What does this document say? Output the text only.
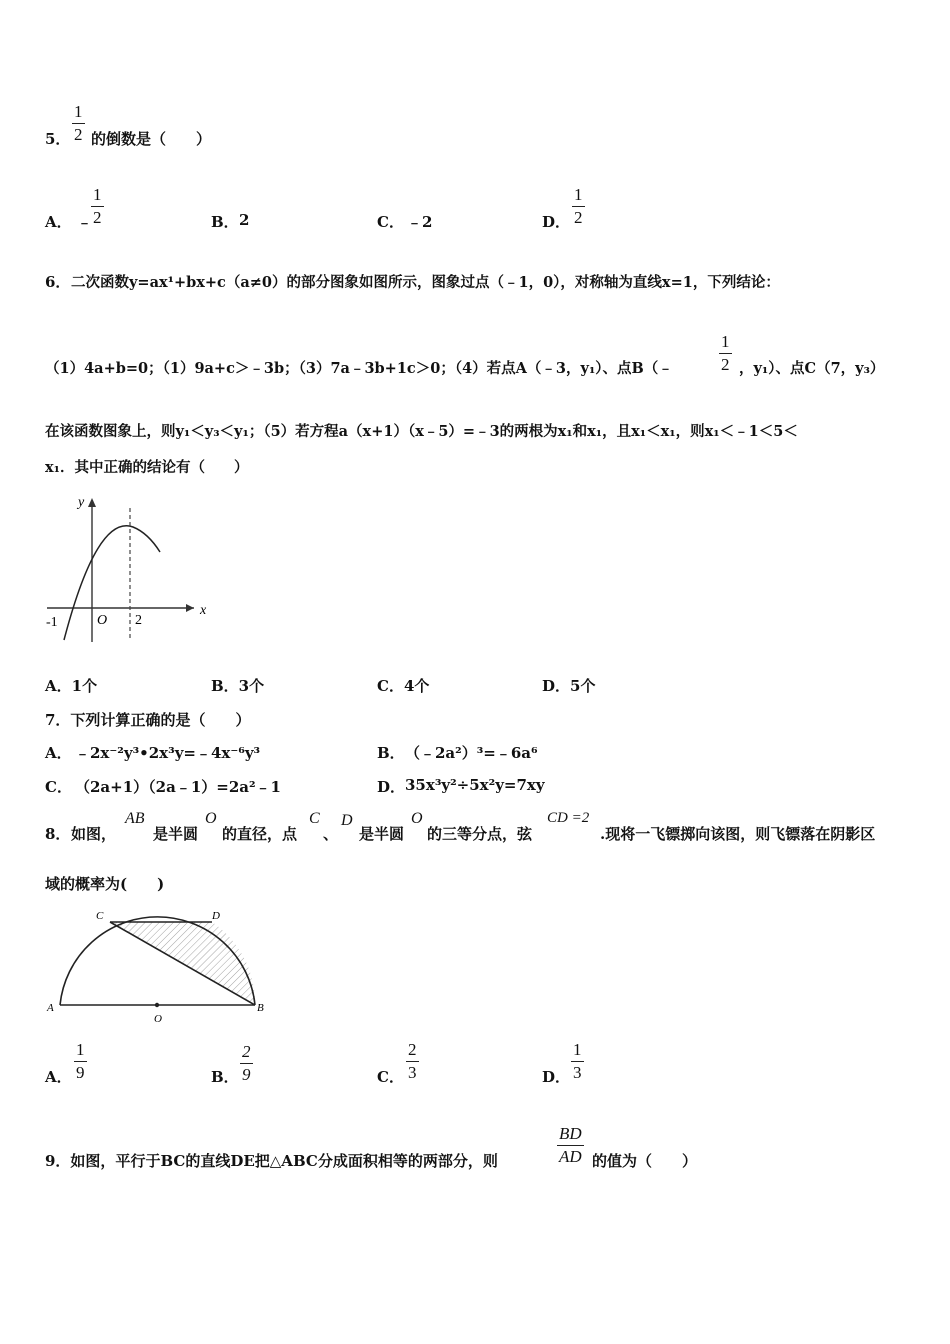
5．
1
2 的倒数是（　　）
A． ﹣
1
2	B． 2	C． ﹣2	D．
1
2
6． 二次函数y=ax¹+bx+c（a≠0）的部分图象如图所示，图象过点（﹣1，0），对称轴为直线x=1，下列结论：
（1）4a+b=0；（1）9a+c＞﹣3b；（3）7a﹣3b+1c＞0；（4）若点A（﹣3，y₁）、点B（﹣
1
2 ，y₁）、点C（7，y₃）
在该函数图象上，则y₁＜y₃＜y₁；（5）若方程a（x+1）（x﹣5）=﹣3的两根为x₁和x₁，且x₁＜x₁，则x₁＜﹣1＜5＜
x₁．其中正确的结论有（　　）
y
x
O
-1	2
A．1个	B．3个	C．4个	D．5个
7．下列计算正确的是（　　）
A． ﹣2x⁻²y³•2x³y=﹣4x⁻⁶y³	B． （﹣2a²）³=﹣6a⁶
C． （2a+1）（2a﹣1）=2a²﹣1	D． 35x³y²÷5x²y=7xy
8． 如图，
AB
是半圆
O
的直径，点
C
、
D
是半圆
O
的三等分点，弦
CD =2
.现将一飞镖掷向该图，则飞镖落在阴影区
域的概率为(　　)
A	B
C	D
O
A．
1
9	B．
2
9	C．
2
3	D．
1
3
9．如图，平行于BC的直线DE把△ABC分成面积相等的两部分，则
BD
AD 的值为（　　）
